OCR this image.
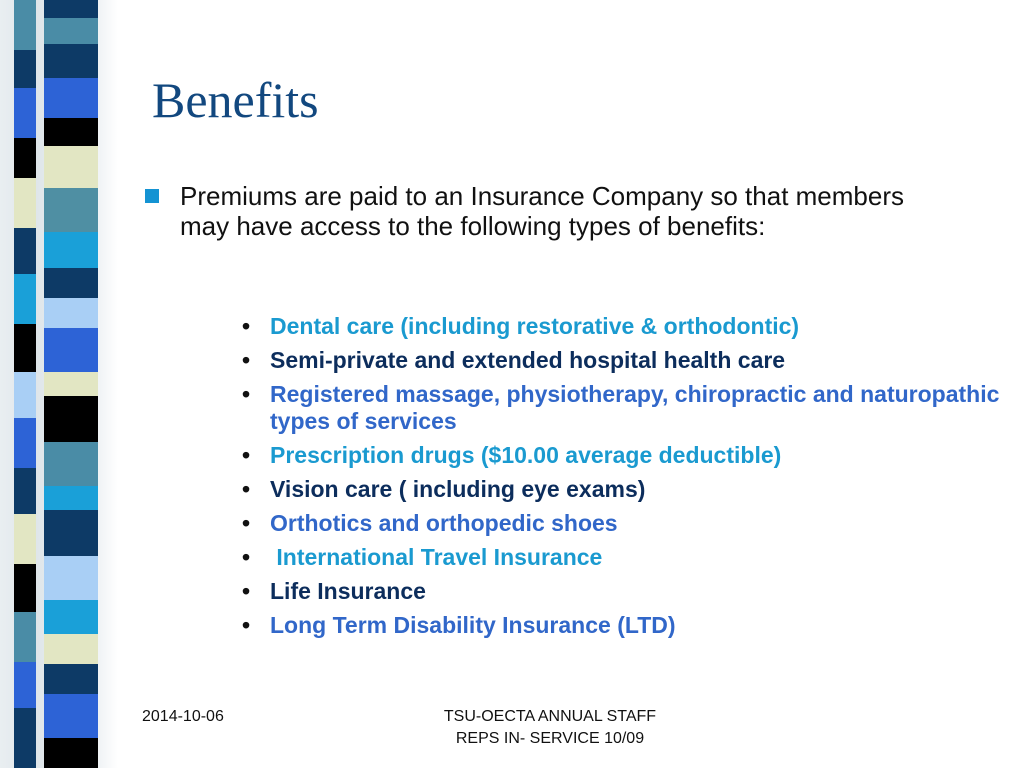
Benefits

Premiums are paid to an Insurance Company so that members may have access to the following types of benefits:

• Dental care (including restorative & orthodontic)
• Semi-private and extended hospital health care
• Registered massage, physiotherapy, chiropractic and naturopathic types of services
• Prescription drugs ($10.00 average deductible)
• Vision care ( including eye exams)
• Orthotics and orthopedic shoes
• International Travel Insurance
• Life Insurance
• Long Term Disability Insurance (LTD)
2014-10-06	TSU-OECTA ANNUAL STAFF
REPS IN- SERVICE 10/09
